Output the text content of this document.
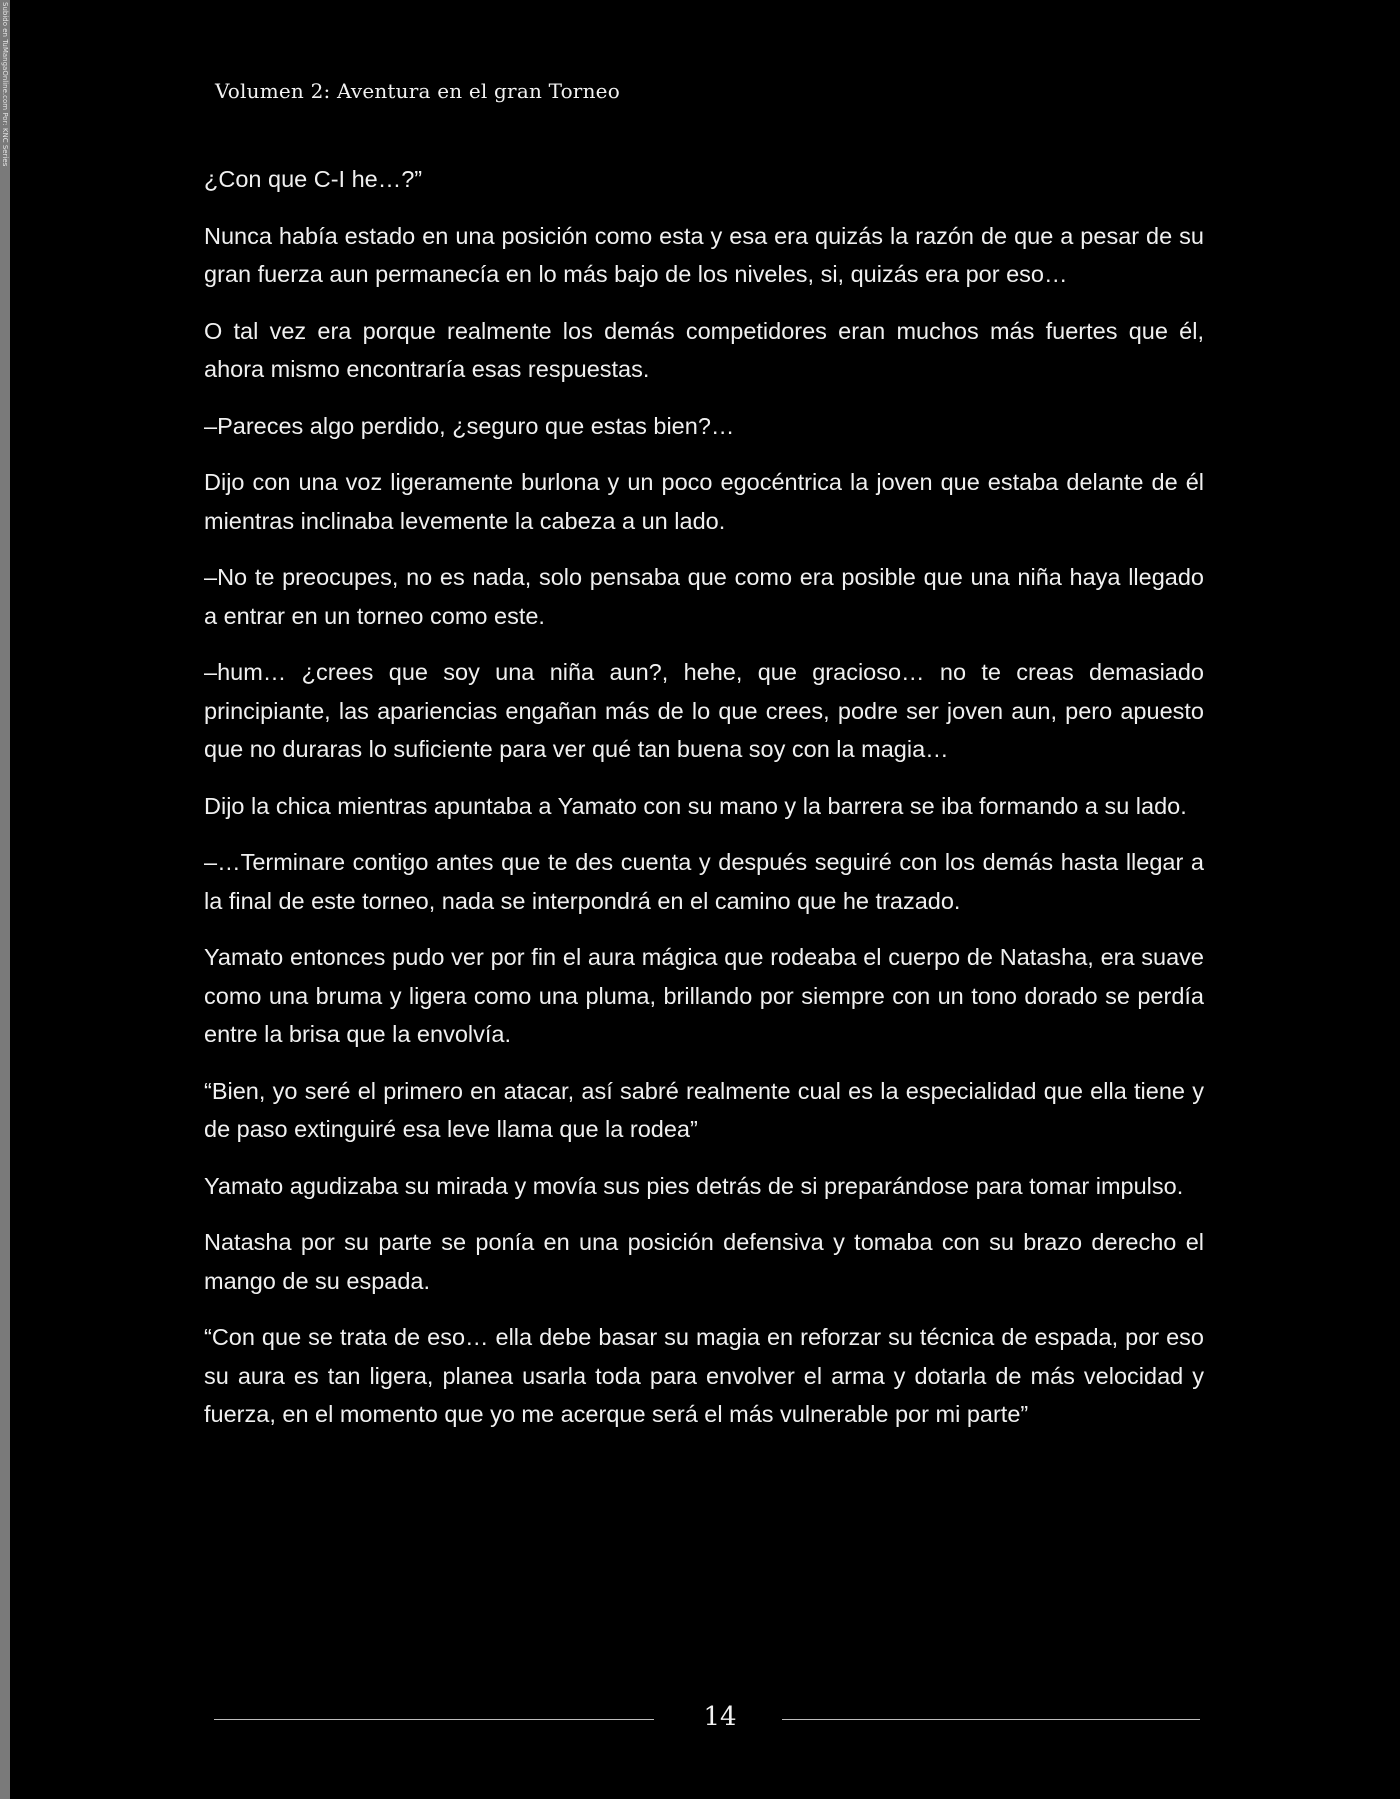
Subido en TuMangaOnline.com Por: KNC Series	Volumen 2: Aventura en el gran Torneo

¿Con que C-I he…?”

Nunca había estado en una posición como esta y esa era quizás la razón de que a pesar de su gran fuerza aun permanecía en lo más bajo de los niveles, si, quizás era por eso…

O tal vez era porque realmente los demás competidores eran muchos más fuertes que él, ahora mismo encontraría esas respuestas.

–Pareces algo perdido, ¿seguro que estas bien?…

Dijo con una voz ligeramente burlona y un poco egocéntrica la joven que estaba delante de él mientras inclinaba levemente la cabeza a un lado.

–No te preocupes, no es nada, solo pensaba que como era posible que una niña haya llegado a entrar en un torneo como este.

–hum… ¿crees que soy una niña aun?, hehe, que gracioso… no te creas demasiado principiante, las apariencias engañan más de lo que crees, podre ser joven aun, pero apuesto que no duraras lo suficiente para ver qué tan buena soy con la magia…

Dijo la chica mientras apuntaba a Yamato con su mano y la barrera se iba formando a su lado.

–…Terminare contigo antes que te des cuenta y después seguiré con los demás hasta llegar a la final de este torneo, nada se interpondrá en el camino que he trazado.

Yamato entonces pudo ver por fin el aura mágica que rodeaba el cuerpo de Natasha, era suave como una bruma y ligera como una pluma, brillando por siempre con un tono dorado se perdía entre la brisa que la envolvía.

“Bien, yo seré el primero en atacar, así sabré realmente cual es la especialidad que ella tiene y de paso extinguiré esa leve llama que la rodea”

Yamato agudizaba su mirada y movía sus pies detrás de si preparándose para tomar impulso.

Natasha por su parte se ponía en una posición defensiva y tomaba con su brazo derecho el mango de su espada.

“Con que se trata de eso… ella debe basar su magia en reforzar su técnica de espada, por eso su aura es tan ligera, planea usarla toda para envolver el arma y dotarla de más velocidad y fuerza, en el momento que yo me acerque será el más vulnerable por mi parte”

14
